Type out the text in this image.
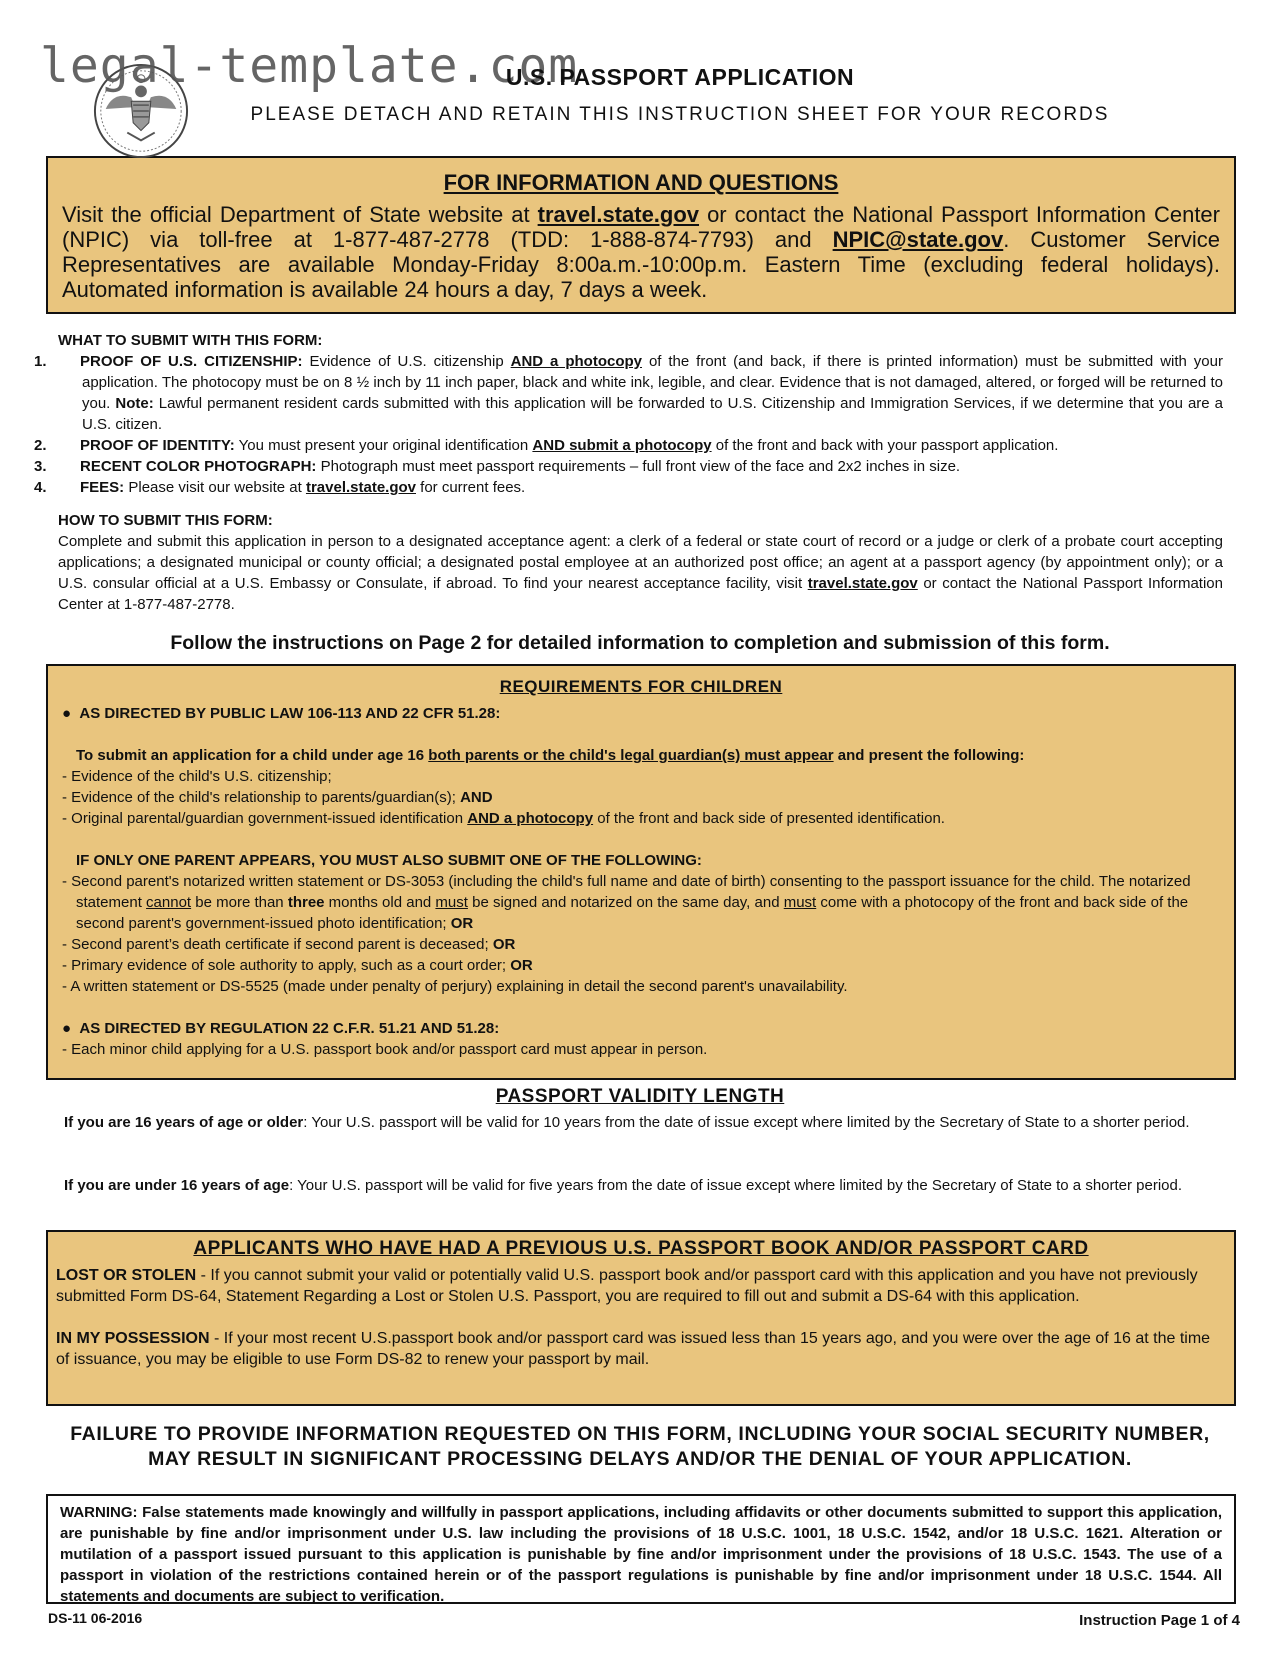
legal-template.com
U.S. PASSPORT APPLICATION
PLEASE DETACH AND RETAIN THIS INSTRUCTION SHEET FOR YOUR RECORDS
FOR INFORMATION AND QUESTIONS
Visit the official Department of State website at travel.state.gov or contact the National Passport Information Center (NPIC) via toll-free at 1-877-487-2778 (TDD: 1-888-874-7793) and NPIC@state.gov. Customer Service Representatives are available Monday-Friday 8:00a.m.-10:00p.m. Eastern Time (excluding federal holidays). Automated information is available 24 hours a day, 7 days a week.
WHAT TO SUBMIT WITH THIS FORM:
1. PROOF OF U.S. CITIZENSHIP: Evidence of U.S. citizenship AND a photocopy of the front (and back, if there is printed information) must be submitted with your application. The photocopy must be on 8 ½ inch by 11 inch paper, black and white ink, legible, and clear. Evidence that is not damaged, altered, or forged will be returned to you. Note: Lawful permanent resident cards submitted with this application will be forwarded to U.S. Citizenship and Immigration Services, if we determine that you are a U.S. citizen.
2. PROOF OF IDENTITY: You must present your original identification AND submit a photocopy of the front and back with your passport application.
3. RECENT COLOR PHOTOGRAPH: Photograph must meet passport requirements – full front view of the face and 2x2 inches in size.
4. FEES: Please visit our website at travel.state.gov for current fees.
HOW TO SUBMIT THIS FORM:
Complete and submit this application in person to a designated acceptance agent: a clerk of a federal or state court of record or a judge or clerk of a probate court accepting applications; a designated municipal or county official; a designated postal employee at an authorized post office; an agent at a passport agency (by appointment only); or a U.S. consular official at a U.S. Embassy or Consulate, if abroad. To find your nearest acceptance facility, visit travel.state.gov or contact the National Passport Information Center at 1-877-487-2778.
Follow the instructions on Page 2 for detailed information to completion and submission of this form.
REQUIREMENTS FOR CHILDREN
● AS DIRECTED BY PUBLIC LAW 106-113 AND 22 CFR 51.28:
To submit an application for a child under age 16 both parents or the child's legal guardian(s) must appear and present the following:
- Evidence of the child's U.S. citizenship;
- Evidence of the child's relationship to parents/guardian(s); AND
- Original parental/guardian government-issued identification AND a photocopy of the front and back side of presented identification.
IF ONLY ONE PARENT APPEARS, YOU MUST ALSO SUBMIT ONE OF THE FOLLOWING:
- Second parent's notarized written statement or DS-3053 (including the child's full name and date of birth) consenting to the passport issuance for the child. The notarized statement cannot be more than three months old and must be signed and notarized on the same day, and must come with a photocopy of the front and back side of the second parent's government-issued photo identification; OR
- Second parent’s death certificate if second parent is deceased; OR
- Primary evidence of sole authority to apply, such as a court order; OR
- A written statement or DS-5525 (made under penalty of perjury) explaining in detail the second parent's unavailability.
● AS DIRECTED BY REGULATION 22 C.F.R. 51.21 AND 51.28:
- Each minor child applying for a U.S. passport book and/or passport card must appear in person.
PASSPORT VALIDITY LENGTH
If you are 16 years of age or older: Your U.S. passport will be valid for 10 years from the date of issue except where limited by the Secretary of State to a shorter period.
If you are under 16 years of age: Your U.S. passport will be valid for five years from the date of issue except where limited by the Secretary of State to a shorter period.
APPLICANTS WHO HAVE HAD A PREVIOUS U.S. PASSPORT BOOK AND/OR PASSPORT CARD
LOST OR STOLEN - If you cannot submit your valid or potentially valid U.S. passport book and/or passport card with this application and you have not previously submitted Form DS-64, Statement Regarding a Lost or Stolen U.S. Passport, you are required to fill out and submit a DS-64 with this application.
IN MY POSSESSION - If your most recent U.S.passport book and/or passport card was issued less than 15 years ago, and you were over the age of 16 at the time of issuance, you may be eligible to use Form DS-82 to renew your passport by mail.
FAILURE TO PROVIDE INFORMATION REQUESTED ON THIS FORM, INCLUDING YOUR SOCIAL SECURITY NUMBER,
MAY RESULT IN SIGNIFICANT PROCESSING DELAYS AND/OR THE DENIAL OF YOUR APPLICATION.
WARNING: False statements made knowingly and willfully in passport applications, including affidavits or other documents submitted to support this application, are punishable by fine and/or imprisonment under U.S. law including the provisions of 18 U.S.C. 1001, 18 U.S.C. 1542, and/or 18 U.S.C. 1621. Alteration or mutilation of a passport issued pursuant to this application is punishable by fine and/or imprisonment under the provisions of 18 U.S.C. 1543. The use of a passport in violation of the restrictions contained herein or of the passport regulations is punishable by fine and/or imprisonment under 18 U.S.C. 1544. All statements and documents are subject to verification.
DS-11 06-2016	Instruction Page 1 of 4
